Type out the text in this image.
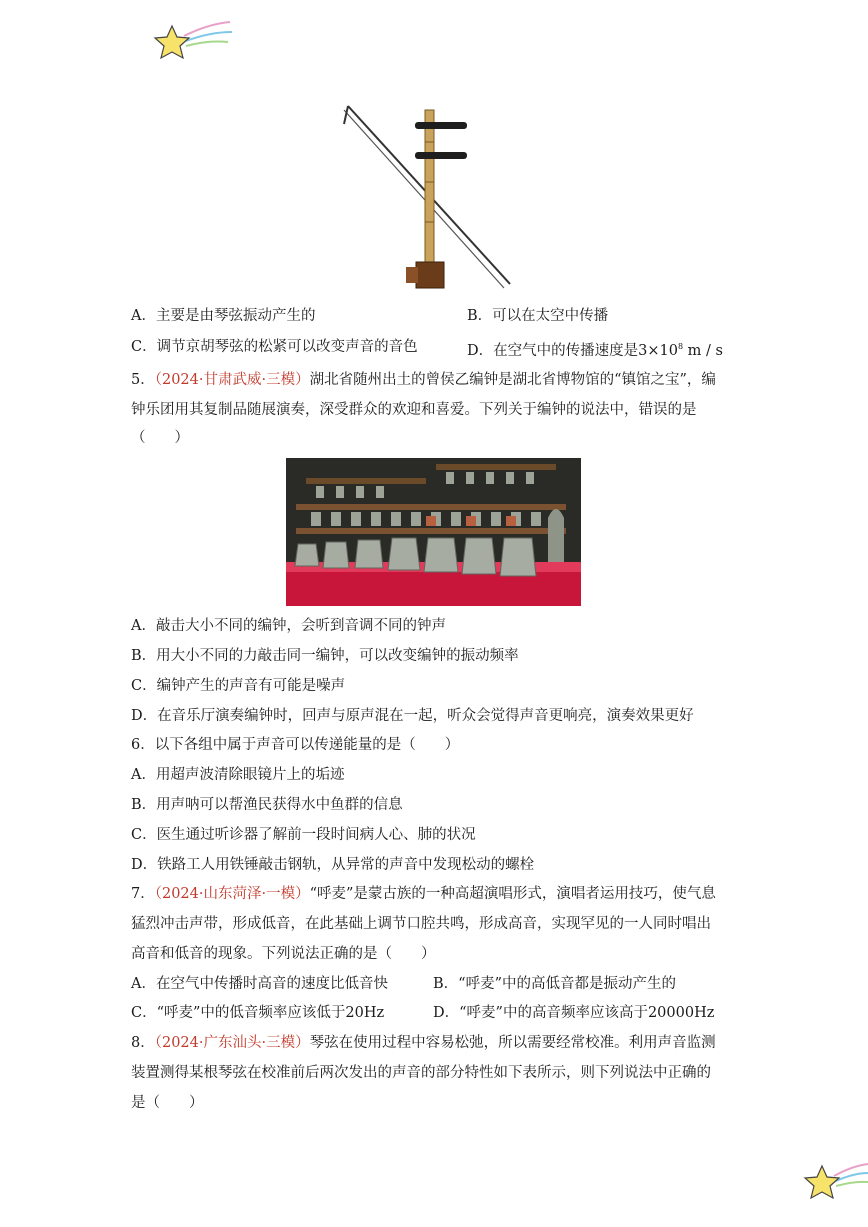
A．主要是由琴弦振动产生的	B．可以在太空中传播
C．调节京胡琴弦的松紧可以改变声音的音色	D．在空气中的传播速度是$3\times 10^8$ m / s
5．（2024·甘肃武威·三模）湖北省随州出土的曾侯乙编钟是湖北省博物馆的“镇馆之宝”，编
钟乐团用其复制品随展演奏，深受群众的欢迎和喜爱。下列关于编钟的说法中，错误的是
（　　）
A．敲击大小不同的编钟，会听到音调不同的钟声
B．用大小不同的力敲击同一编钟，可以改变编钟的振动频率
C．编钟产生的声音有可能是噪声
D．在音乐厅演奏编钟时，回声与原声混在一起，听众会觉得声音更响亮，演奏效果更好
6．以下各组中属于声音可以传递能量的是（　　）
A．用超声波清除眼镜片上的垢迹
B．用声呐可以帮渔民获得水中鱼群的信息
C．医生通过听诊器了解前一段时间病人心、肺的状况
D．铁路工人用铁锤敲击钢轨，从异常的声音中发现松动的螺栓
7．（2024·山东菏泽·一模）“呼麦”是蒙古族的一种高超演唱形式，演唱者运用技巧，使气息
猛烈冲击声带，形成低音，在此基础上调节口腔共鸣，形成高音，实现罕见的一人同时唱出
高音和低音的现象。下列说法正确的是（　　）
A．在空气中传播时高音的速度比低音快	B．“呼麦”中的高低音都是振动产生的
C．“呼麦”中的低音频率应该低于20Hz	D．“呼麦”中的高音频率应该高于20000Hz
8．（2024·广东汕头·三模）琴弦在使用过程中容易松弛，所以需要经常校准。利用声音监测
装置测得某根琴弦在校准前后两次发出的声音的部分特性如下表所示，则下列说法中正确的
是（　　）
